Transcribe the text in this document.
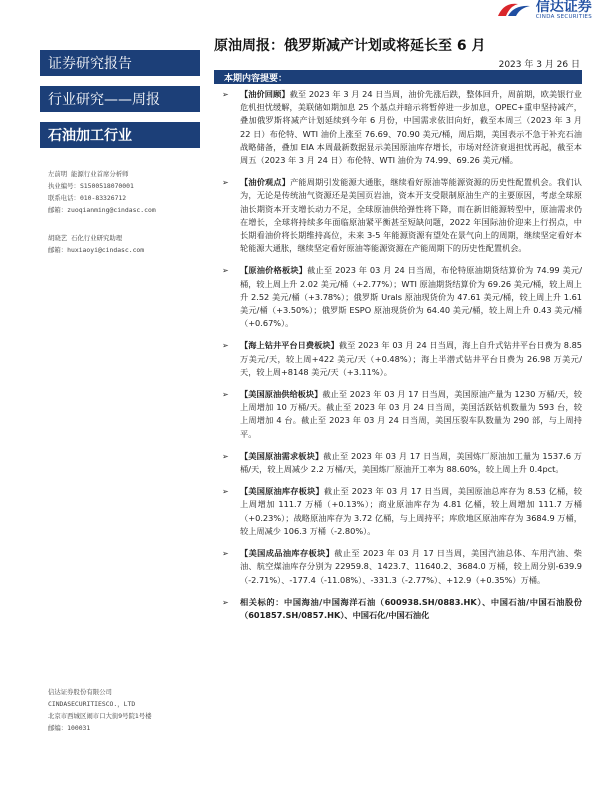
证券研究报告
行业研究——周报
石油加工行业
左前明 能源行业首席分析师
执业编号：S1500518070001
联系电话：010-83326712
邮箱：zuoqianming@cindasc.com
胡晓艺 石化行业研究助理
邮箱：huxiaoyi@cindasc.com
信达证券股份有限公司
CINDASECURITIESCO.，LTD
北京市西城区闹市口大街9号院1号楼
邮编：100031
信达证券
CINDA SECURITIES
原油周报：俄罗斯减产计划或将延长至 6 月
2023 年 3 月 26 日
本期内容提要：
➢ 【油价回顾】截至 2023 年 3 月 24 日当周，油价先涨后跌，整体回升，周前期，欧美银行业危机担忧缓解，美联储如期加息 25 个基点并暗示将暂停进一步加息，OPEC+重申坚持减产，叠加俄罗斯将减产计划延续到今年 6 月份，中国需求依旧向好，截至本周三（2023 年 3 月 22 日）布伦特、WTI 油价上涨至 76.69、70.90 美元/桶，周后期，美国表示不急于补充石油战略储备，叠加 EIA 本周最新数据显示美国原油库存增长，市场对经济衰退担忧再起，截至本周五（2023 年 3 月 24 日）布伦特、WTI 油价为 74.99、69.26 美元/桶。
➢ 【油价观点】产能周期引发能源大通胀，继续看好原油等能源资源的历史性配置机会。我们认为，无论是传统油气资源还是美国页岩油，资本开支受限制原油生产的主要原因，考虑全球原油长期资本开支增长动力不足，全球原油供给弹性将下降，而在新旧能源转型中，原油需求仍在增长，全球将持续多年面临原油紧平衡甚至短缺问题，2022 年国际油价迎来上行拐点，中长期看油价将长期维持高位，未来 3-5 年能源资源有望处在景气向上的周期，继续坚定看好本轮能源大通胀，继续坚定看好原油等能源资源在产能周期下的历史性配置机会。
➢ 【原油价格板块】截止至 2023 年 03 月 24 日当周，布伦特原油期货结算价为 74.99 美元/桶，较上周上升 2.02 美元/桶（+2.77%）；WTI 原油期货结算价为 69.26 美元/桶，较上周上升 2.52 美元/桶（+3.78%）；俄罗斯 Urals 原油现货价为 47.61 美元/桶，较上周上升 1.61 美元/桶（+3.50%）；俄罗斯 ESPO 原油现货价为 64.40 美元/桶，较上周上升 0.43 美元/桶（+0.67%）。
➢ 【海上钻井平台日费板块】截至 2023 年 03 月 24 日当周，海上自升式钻井平台日费为 8.85 万美元/天，较上周+422 美元/天（+0.48%）；海上半潜式钻井平台日费为 26.98 万美元/天，较上周+8148 美元/天（+3.11%）。
➢ 【美国原油供给板块】截止至 2023 年 03 月 17 日当周，美国原油产量为 1230 万桶/天，较上周增加 10 万桶/天。截止至 2023 年 03 月 24 日当周，美国活跃钻机数量为 593 台，较上周增加 4 台。截止至 2023 年 03 月 24 日当周，美国压裂车队数量为 290 部，与上周持平。
➢ 【美国原油需求板块】截止至 2023 年 03 月 17 日当周，美国炼厂原油加工量为 1537.6 万桶/天，较上周减少 2.2 万桶/天，美国炼厂原油开工率为 88.60%，较上周上升 0.4pct。
➢ 【美国原油库存板块】截止至 2023 年 03 月 17 日当周，美国原油总库存为 8.53 亿桶，较上周增加 111.7 万桶（+0.13%）；商业原油库存为 4.81 亿桶，较上周增加 111.7 万桶（+0.23%）；战略原油库存为 3.72 亿桶，与上周持平；库欣地区原油库存为 3684.9 万桶，较上周减少 106.3 万桶（-2.80%）。
➢ 【美国成品油库存板块】截止至 2023 年 03 月 17 日当周，美国汽油总体、车用汽油、柴油、航空煤油库存分别为 22959.8、1423.7、11640.2、3684.0 万桶，较上周分别-639.9（-2.71%）、-177.4（-11.08%）、-331.3（-2.77%）、+12.9（+0.35%）万桶。
➢ 相关标的：中国海油/中国海洋石油（600938.SH/0883.HK）、中国石油/中国石油股份（601857.SH/0857.HK）、中国石化/中国石油化
